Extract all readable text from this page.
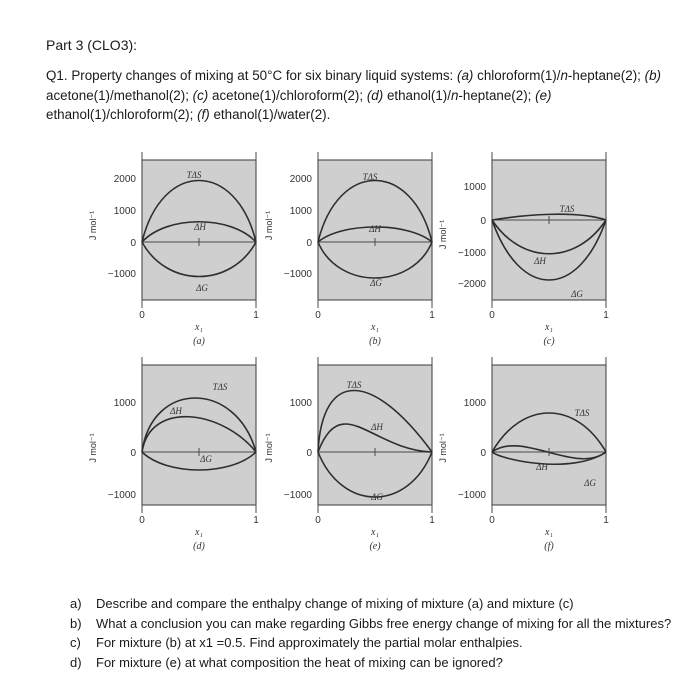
Part 3 (CLO3):
Q1. Property changes of mixing at 50°C for six binary liquid systems: (a) chloroform(1)/n-heptane(2); (b) acetone(1)/methanol(2); (c) acetone(1)/chloroform(2); (d) ethanol(1)/n-heptane(2); (e)
ethanol(1)/chloroform(2); (f) ethanol(1)/water(2).
2000
1000
0
−1000
J mol⁻¹
0	1
x₁
(a)
TΔS
ΔH
ΔG
2000
1000
0
−1000
J mol⁻¹
0	1
x₁
(b)
TΔS
ΔH
ΔG
1000
0
−1000
−2000
J mol⁻¹
0	1
x₁
(c)
TΔS
ΔH
ΔG
1000
0
−1000
J mol⁻¹
0	1
x₁
(d)
TΔS
ΔH
ΔG
1000
0
−1000
J mol⁻¹
0	1
x₁
(e)
TΔS
ΔH
ΔG
1000
0
−1000
J mol⁻¹
0	1
x₁
(f)
TΔS
ΔH
ΔG
a)	Describe and compare the enthalpy change of mixing of mixture (a) and mixture (c)
b)	What a conclusion you can make regarding Gibbs free energy change of mixing for all the mixtures?
c)	For mixture (b) at x1 =0.5. Find approximately the partial molar enthalpies.
d)	For mixture (e) at what composition the heat of mixing can be ignored?
